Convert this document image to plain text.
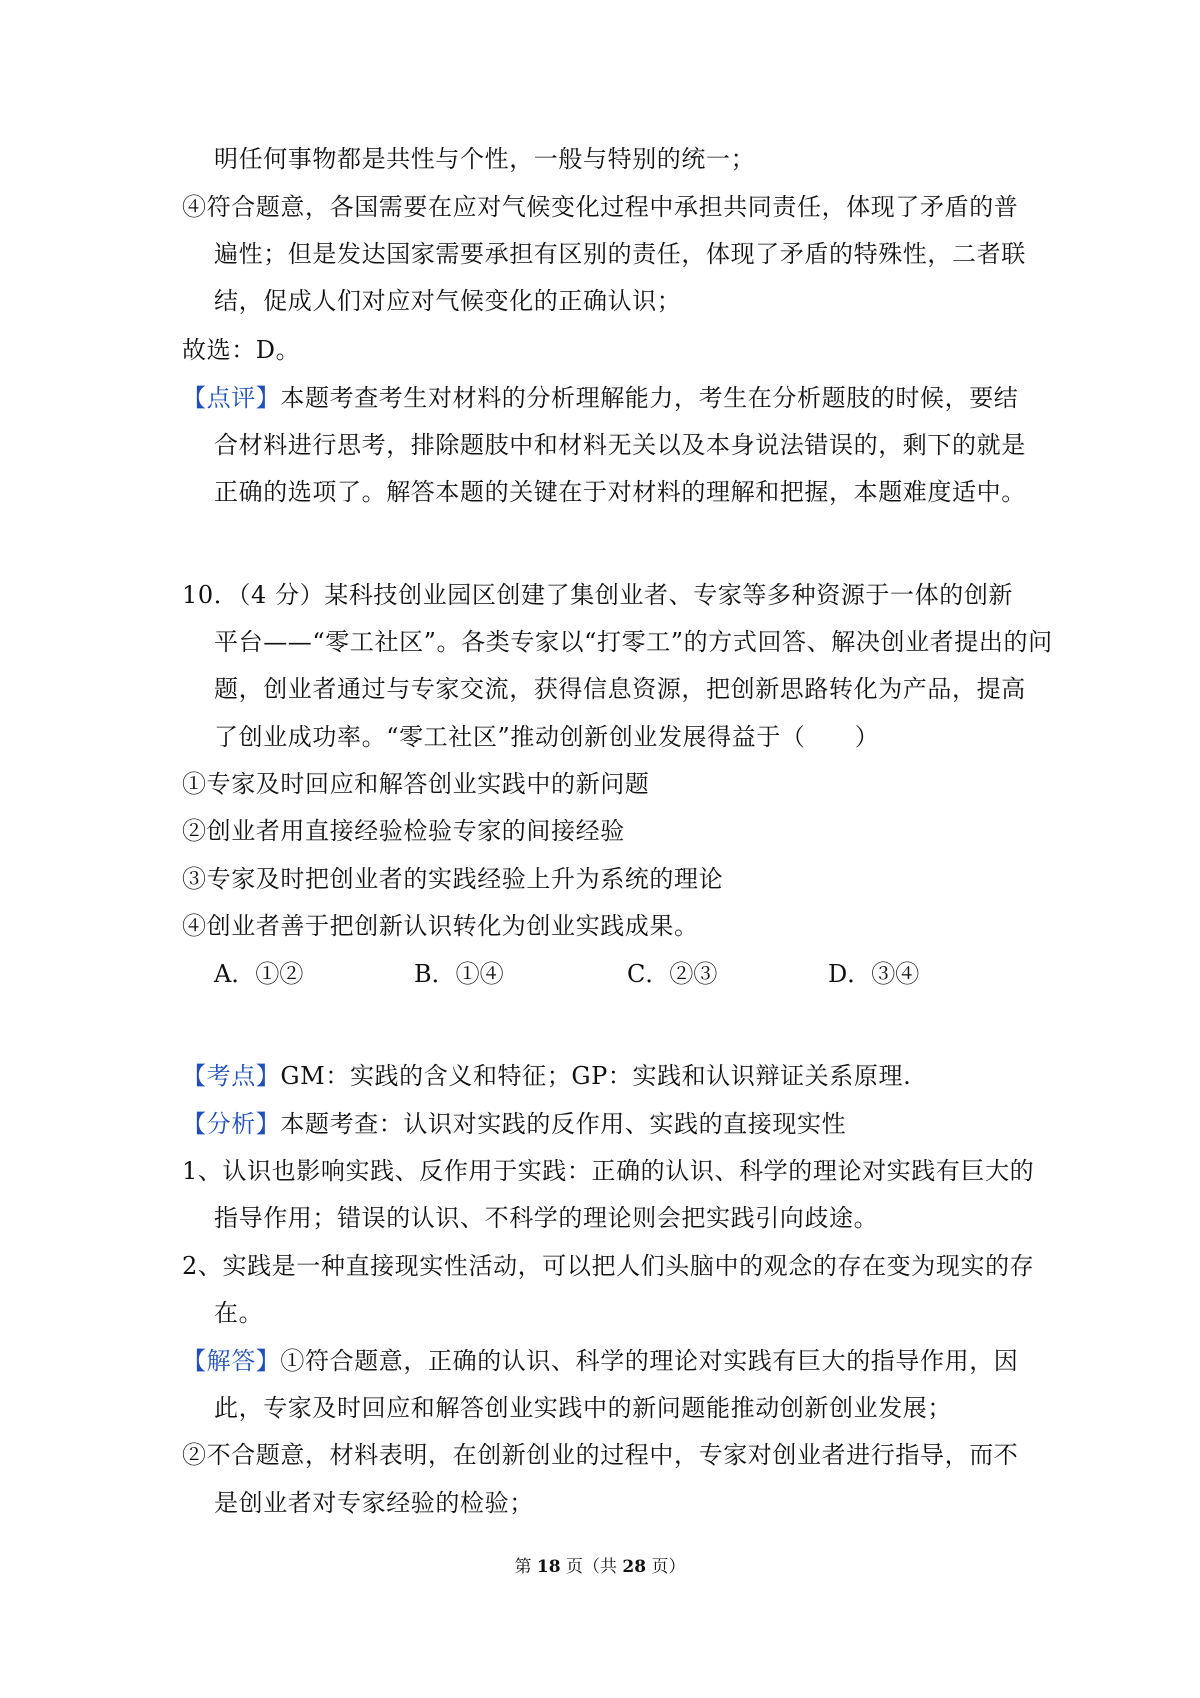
明任何事物都是共性与个性，一般与特别的统一；
④符合题意，各国需要在应对气候变化过程中承担共同责任，体现了矛盾的普
遍性；但是发达国家需要承担有区别的责任，体现了矛盾的特殊性，二者联
结，促成人们对应对气候变化的正确认识；
故选：D。
【点评】本题考查考生对材料的分析理解能力，考生在分析题肢的时候，要结
合材料进行思考，排除题肢中和材料无关以及本身说法错误的，剩下的就是
正确的选项了。解答本题的关键在于对材料的理解和把握，本题难度适中。
10．（4 分）某科技创业园区创建了集创业者、专家等多种资源于一体的创新
平台——“零工社区”。各类专家以“打零工”的方式回答、解决创业者提出的问
题，创业者通过与专家交流，获得信息资源，把创新思路转化为产品，提高
了创业成功率。“零工社区”推动创新创业发展得益于（　　）
①专家及时回应和解答创业实践中的新问题
②创业者用直接经验检验专家的间接经验
③专家及时把创业者的实践经验上升为系统的理论
④创业者善于把创新认识转化为创业实践成果。
A．①②	B．①④	C．②③	D．③④
【考点】GM：实践的含义和特征；GP：实践和认识辩证关系原理.
【分析】本题考查：认识对实践的反作用、实践的直接现实性
1、认识也影响实践、反作用于实践：正确的认识、科学的理论对实践有巨大的
指导作用；错误的认识、不科学的理论则会把实践引向歧途。
2、实践是一种直接现实性活动，可以把人们头脑中的观念的存在变为现实的存
在。
【解答】①符合题意，正确的认识、科学的理论对实践有巨大的指导作用，因
此，专家及时回应和解答创业实践中的新问题能推动创新创业发展；
②不合题意，材料表明，在创新创业的过程中，专家对创业者进行指导，而不
是创业者对专家经验的检验；
第 18 页（共 28 页）
